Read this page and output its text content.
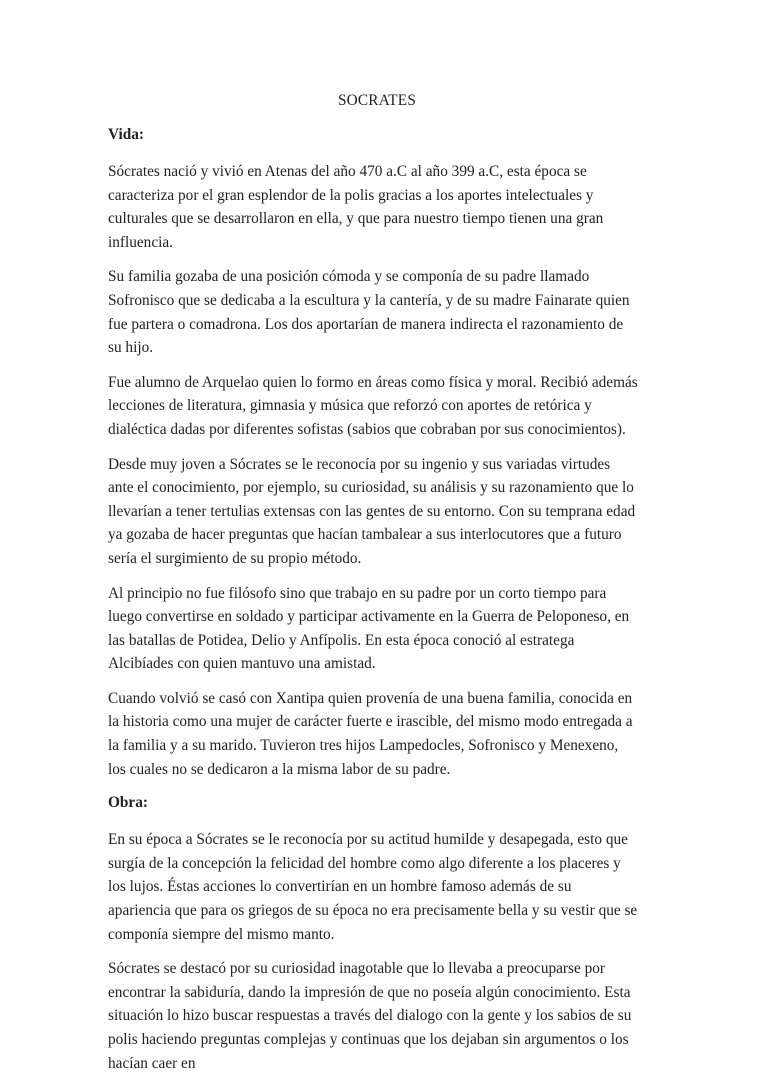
SOCRATES
Vida:

Sócrates nació y vivió en Atenas del año 470 a.C al año 399 a.C, esta época se caracteriza por el gran esplendor de la polis gracias a los aportes intelectuales y culturales que se desarrollaron en ella, y que para nuestro tiempo tienen una gran influencia.

Su familia gozaba de una posición cómoda y se componía de su padre llamado Sofronisco que se dedicaba a la escultura y la cantería, y de su madre Fainarate quien fue partera o comadrona. Los dos aportarían de manera indirecta el razonamiento de su hijo.

Fue alumno de Arquelao quien lo formo en áreas como física y moral. Recibió además lecciones de literatura, gimnasia y música que reforzó con aportes de retórica y dialéctica dadas por diferentes sofistas (sabios que cobraban por sus conocimientos).

Desde muy joven a Sócrates se le reconocía por su ingenio y sus variadas virtudes ante el conocimiento, por ejemplo, su curiosidad, su análisis y su razonamiento que lo llevarían a tener tertulias extensas con las gentes de su entorno. Con su temprana edad ya gozaba de hacer preguntas que hacían tambalear a sus interlocutores que a futuro sería el surgimiento de su propio método.

Al principio no fue filósofo sino que trabajo en su padre por un corto tiempo para luego convertirse en soldado y participar activamente en la Guerra de Peloponeso, en las batallas de Potidea, Delio y Anfípolis. En esta época conoció al estratega Alcibíades con quien mantuvo una amistad.

Cuando volvió se casó con Xantipa quien provenía de una buena familia, conocida en la historia como una mujer de carácter fuerte e irascible, del mismo modo entregada a la familia y a su marido. Tuvieron tres hijos Lampedocles, Sofronisco y Menexeno, los cuales no se dedicaron a la misma labor de su padre.

Obra:

En su época a Sócrates se le reconocía por su actitud humilde y desapegada, esto que surgía de la concepción la felicidad del hombre como algo diferente a los placeres y los lujos. Éstas acciones lo convertirían en un hombre famoso además de su apariencia que para os griegos de su época no era precisamente bella y su vestir que se componía siempre del mismo manto.

Sócrates se destacó por su curiosidad inagotable que lo llevaba a preocuparse por encontrar la sabiduría, dando la impresión de que no poseía algún conocimiento. Esta situación lo hizo buscar respuestas a través del dialogo con la gente y los sabios de su polis haciendo preguntas complejas y continuas que los dejaban sin argumentos o los hacían caer en
